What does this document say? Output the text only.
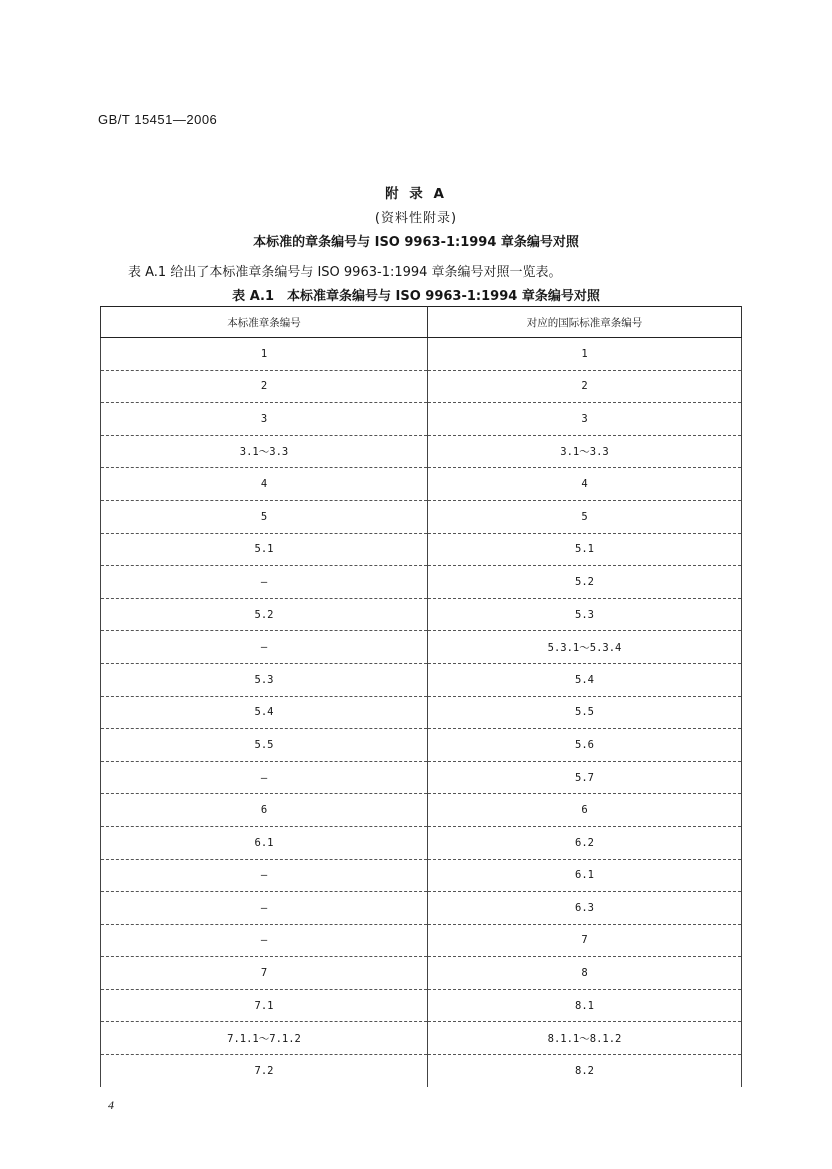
GB/T 15451—2006
附 录 A
(资料性附录)
本标准的章条编号与 ISO 9963-1:1994 章条编号对照
表 A.1 给出了本标准章条编号与 ISO 9963-1:1994 章条编号对照一览表。
表 A.1　本标准章条编号与 ISO 9963-1:1994 章条编号对照
本标准章条编号	对应的国际标准章条编号
1	1
2	2
3	3
3.1～3.3	3.1～3.3
4	4
5	5
5.1	5.1
—	5.2
5.2	5.3
—	5.3.1～5.3.4
5.3	5.4
5.4	5.5
5.5	5.6
—	5.7
6	6
6.1	6.2
—	6.1
—	6.3
—	7
7	8
7.1	8.1
7.1.1～7.1.2	8.1.1～8.1.2
7.2	8.2
4
